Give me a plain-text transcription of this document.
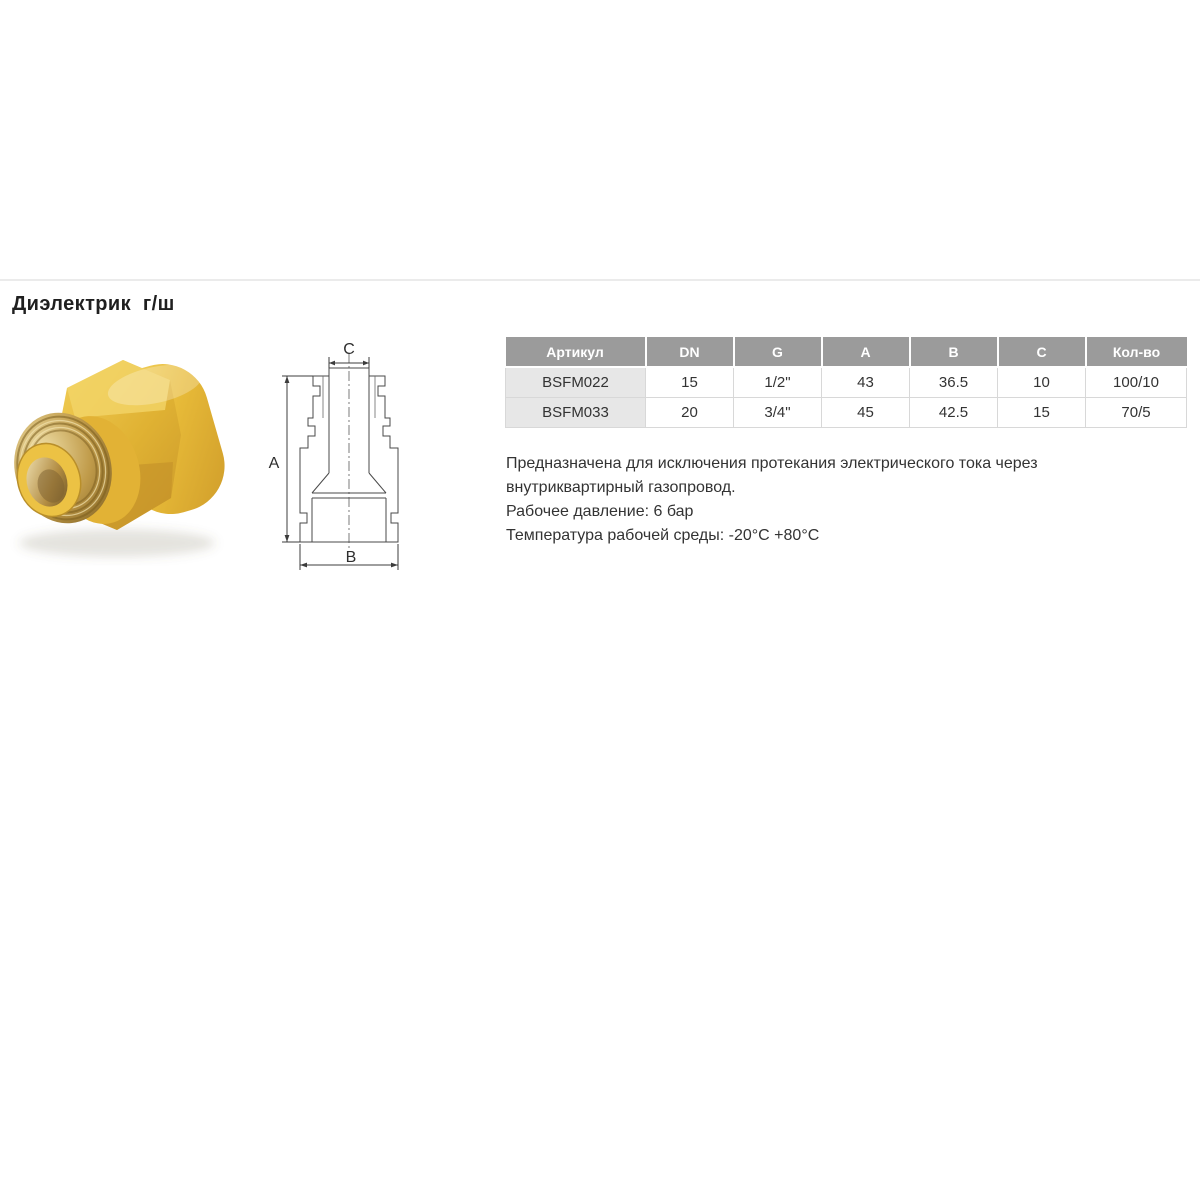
Диэлектрик  г/ш
C
A
B
Артикул	DN	G	A	B	C	Кол-во
BSFM022	15	1/2"	43	36.5	10	100/10
BSFM033	20	3/4"	45	42.5	15	70/5
Предназначена для исключения протекания электрического тока через
внутриквартирный газопровод.
Рабочее давление: 6 бар
Температура рабочей среды: -20°C +80°C
